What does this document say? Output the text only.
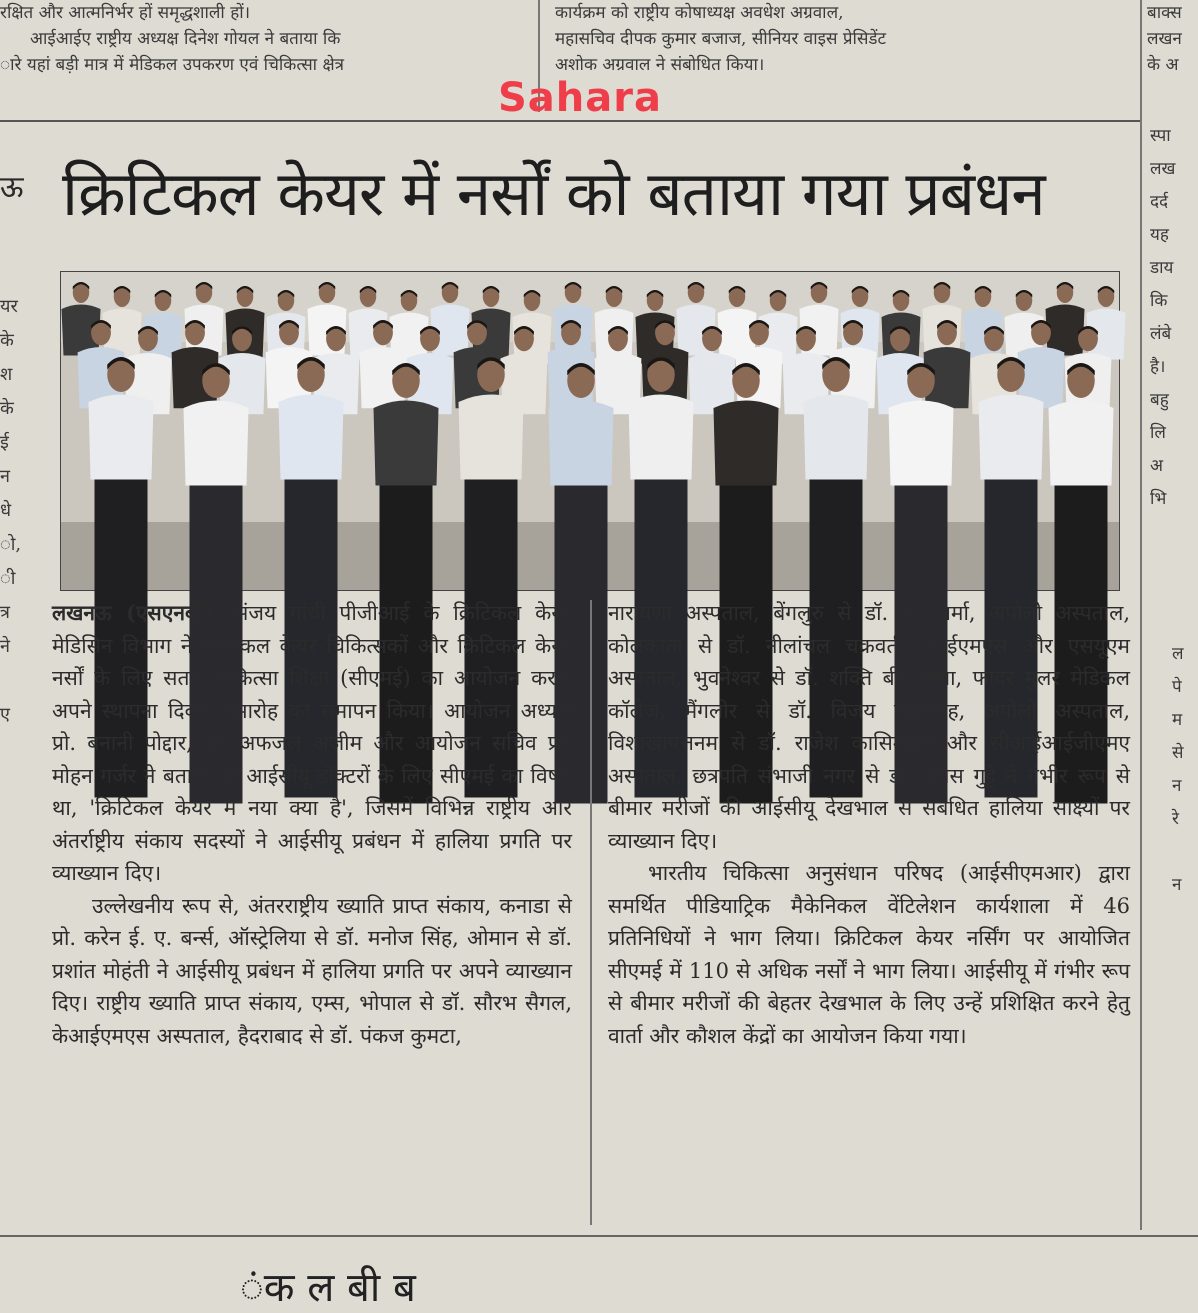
रक्षित और आत्मनिर्भर हों समृद्धशाली हों।
आईआईए राष्ट्रीय अध्यक्ष दिनेश गोयल ने बताया कि
ारे यहां बड़ी मात्र में मेडिकल उपकरण एवं चिकित्सा क्षेत्र
कार्यक्रम को राष्ट्रीय कोषाध्यक्ष अवधेश अग्रवाल,
महासचिव दीपक कुमार बजाज, सीनियर वाइस प्रेसिडेंट
अशोक अग्रवाल ने संबोधित किया।
बाक्स
लखन
के अ
Sahara
ऊ क्रिटिकल केयर में नर्सों को बताया गया प्रबंधन
यर
के
श
के
ई
न
धे
ो,
ी
त्र
ने

ए

स्पा
लख
दर्द
यह
डाय
कि
लंबे
है।
बहु
लि
अ
भि
ल
पे
म
से
न
रे

न

लखनऊ (एसएनबी)। संजय गांधी पीजीआई के क्रिटिकल केयर मेडिसिन विभाग ने क्रिटिकल केयर चिकित्सकों और क्रिटिकल केयर नर्सों के लिए सतत चिकित्सा शिक्षा (सीएमई) का आयोजन करके अपने स्थापना दिवस समारोह का समापन किया। आयोजन अध्यक्ष प्रो. बनानी पोद्दार, प्रो. अफजल अजीम और आयोजन सचिव प्रो. मोहन गर्जर ने बताया कि आईसीयू डॉक्टरों के लिए सीएमई का विषय था, 'क्रिटिकल केयर में नया क्या है', जिसमें विभिन्न राष्ट्रीय और अंतर्राष्ट्रीय संकाय सदस्यों ने आईसीयू प्रबंधन में हालिया प्रगति पर व्याख्यान दिए।

उल्लेखनीय रूप से, अंतरराष्ट्रीय ख्याति प्राप्त संकाय, कनाडा से प्रो. करेन ई. ए. बर्न्स, ऑस्ट्रेलिया से डॉ. मनोज सिंह, ओमान से डॉ. प्रशांत मोहंती ने आईसीयू प्रबंधन में हालिया प्रगति पर अपने व्याख्यान दिए। राष्ट्रीय ख्याति प्राप्त संकाय, एम्स, भोपाल से डॉ. सौरभ सैगल, केआईएमएस अस्पताल, हैदराबाद से डॉ. पंकज कुमटा,

नारायणा अस्पताल, बेंगलुरु से डॉ. मनु वर्मा, अपोलो अस्पताल, कोलकाता से डॉ. नीलांचल चक्रवर्ती, आईएमएस और एसयूएम अस्पताल, भुवनेश्वर से डॉ. शक्ति बी. मिश्रा, फादर मुलर मेडिकल कॉलेज, मैंगलोर से डॉ. विजय सुंदरसिंह, अपोलो अस्पताल, विशाखापत्तनम से डॉ. राजेश कासिमहंती और सीआईआईजीएमए अस्पताल, छत्रपति संभाजी नगर से डॉ. श्रेयस गुट्टे ने गंभीर रूप से बीमार मरीजों की आईसीयू देखभाल से संबंधित हालिया साक्ष्यों पर व्याख्यान दिए।

भारतीय चिकित्सा अनुसंधान परिषद (आईसीएमआर) द्वारा समर्थित पीडियाट्रिक मैकेनिकल वेंटिलेशन कार्यशाला में 46 प्रतिनिधियों ने भाग लिया। क्रिटिकल केयर नर्सिंग पर आयोजित सीएमई में 110 से अधिक नर्सों ने भाग लिया। आईसीयू में गंभीर रूप से बीमार मरीजों की बेहतर देखभाल के लिए उन्हें प्रशिक्षित करने हेतु वार्ता और कौशल केंद्रों का आयोजन किया गया।

ंक ल बी ब
